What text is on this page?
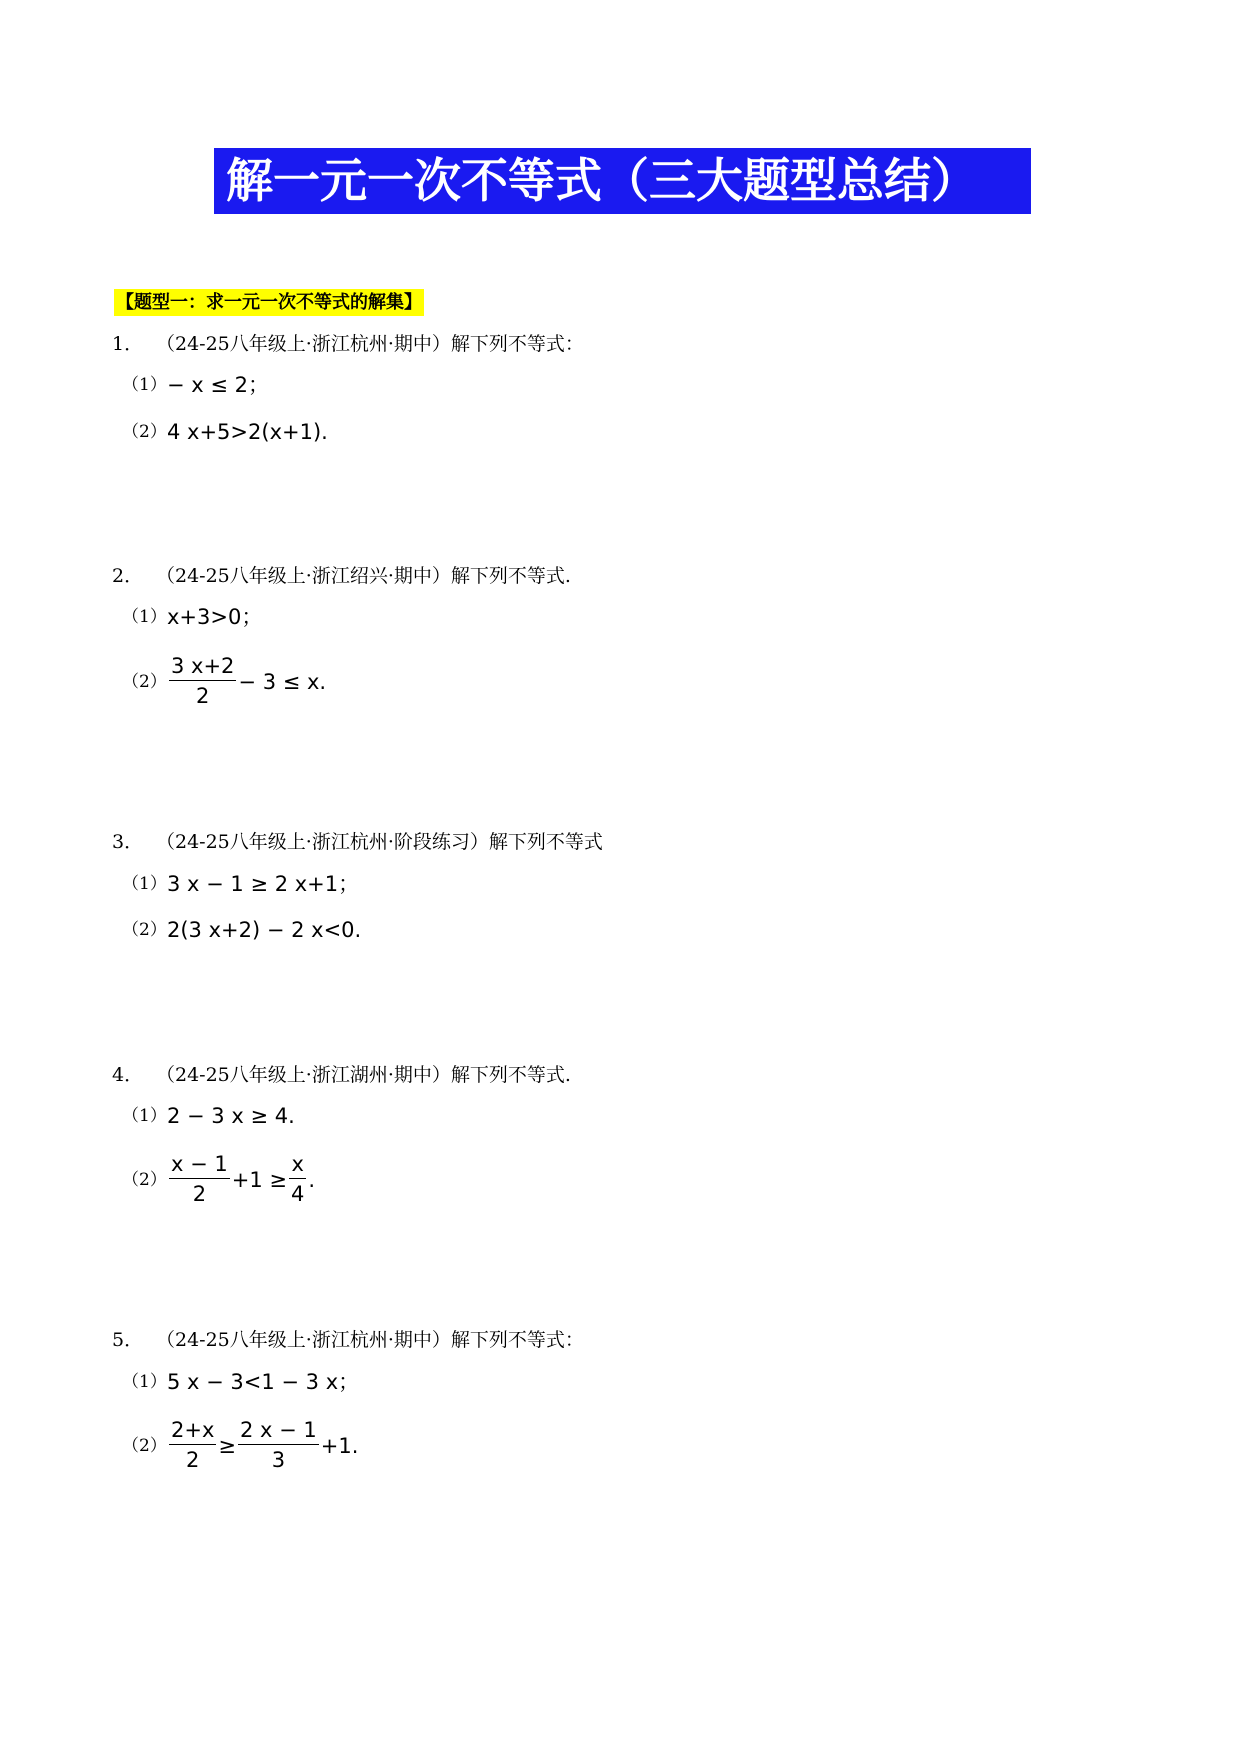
解一元一次不等式（三大题型总结）
【题型一：求一元一次不等式的解集】
1． （24-25八年级上·浙江杭州·期中）解下列不等式：
（1） − x ≤ 2；
（2） 4 x+5>2(x+1).
2． （24-25八年级上·浙江绍兴·期中）解下列不等式.
（1） x+3>0；
$(2) \frac{3 x+2}{2} - 3 \le x$.
3． （24-25八年级上·浙江杭州·阶段练习）解下列不等式
（1） 3 x − 1 ≥ 2 x+1；
（2） 2(3 x+2) − 2 x<0.
4． （24-25八年级上·浙江湖州·期中）解下列不等式.
（1） 2 − 3 x ≥ 4.
$(2) \frac{x - 1}{2} +1 \ge \frac{x}{4}$ .
5． （24-25八年级上·浙江杭州·期中）解下列不等式：
（1） 5 x − 3<1 − 3 x；
$(2) \frac{2+x}{2} \ge \frac{2 x - 1}{3} +1$.
